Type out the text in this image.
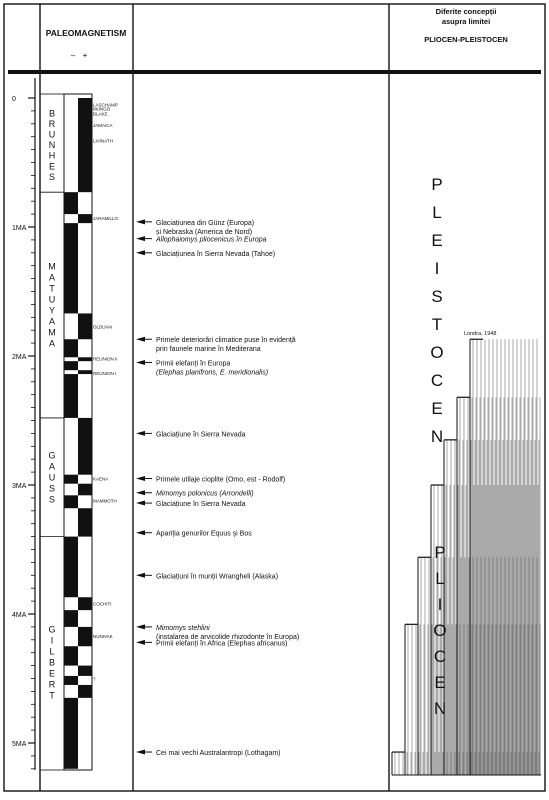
PALEOMAGNETISM
– +
Diferite concepții
asupra limitei
PLIOCEN-PLEISTOCEN
0
1MA
2MA
3MA
4MA
5MA
B
R
U
N
H
E
S
M
A
T
U
Y
A
M
A
G
A
U
S
S
G
I
L
B
E
R
T
LASCHAMP
MUNGO
BLAKE
JAMAICA
LIVINATH
JARAMILLO
OLDUVAI
REUNION II
REUNION I
KAENA
MAMMOTH
COCHITI
NUNIVAK
?
Glaciațiunea din Günz (Europa)
și Nebraska (America de Nord)
Allophaiomys pliocenicus în Europa
Glaciațiunea în Sierra Nevada (Tahoe)
Primele deteriorări climatice puse în evidență
prin faunele marine în Mediterana
Primii elefanți în Europa
(Elephas planifrons, E. meridionalis)
Glaciațiune în Sierra Nevada
Primele utilaje cioplite (Omo, est - Rodolf)
Mimomys polonicus (Arrondelli)
Glaciațiune în Sierra Nevada
Apariția genurilor Equus și Bos
Glaciațiuni în munții Wrangheli (Alaska)
Mimomys stehlini
(instalarea de arvicolide rhizodonte în Europa)
Primii elefanți în Africa (Elephas africanus)
Cei mai vechi Australantropi (Lothagam)
Londra, 1948
P
L
E
I
S
T
O
C
E
N
P
L
I
O
C
E
N
